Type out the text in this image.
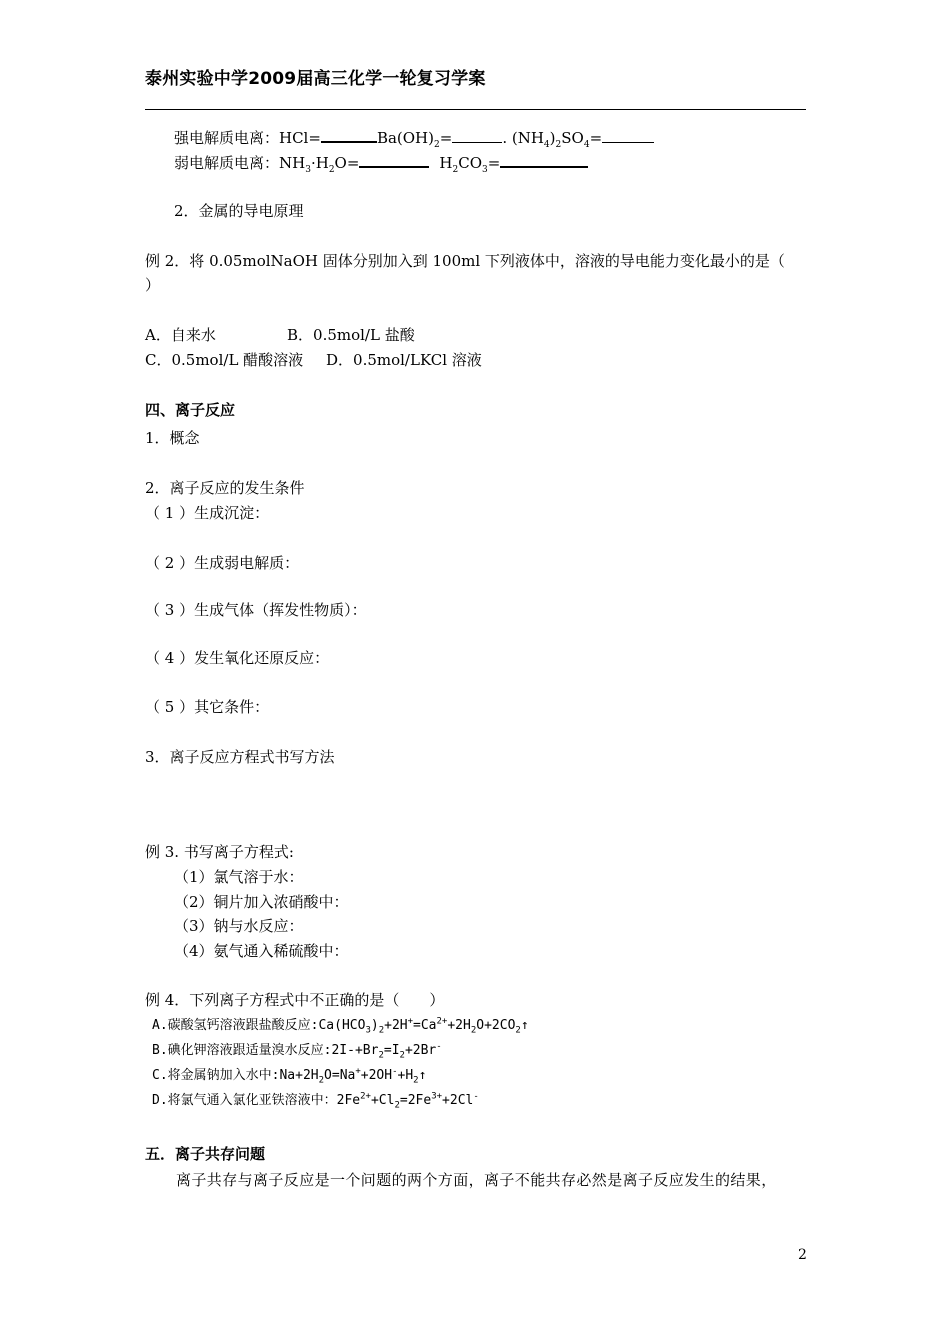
泰州实验中学2009届高三化学一轮复习学案
强电解质电离：HCl=	$Ba(OH)_2=$	. $(NH_4)_2SO_4=$
弱电解质电离：$NH_3\cdot H_2O=$	$H_2CO_3=$
2．金属的导电原理
例 2．将 0.05molNaOH 固体分别加入到 100ml 下列液体中，溶液的导电能力变化最小的是（
）
A．自来水	B．0.5mol/L 盐酸
C．0.5mol/L 醋酸溶液 D．0.5mol/LKCl 溶液
四、离子反应
1．概念
2．离子反应的发生条件
（ 1 ）生成沉淀：
（ 2 ）生成弱电解质：
（ 3 ）生成气体（挥发性物质）：
（ 4 ）发生氧化还原反应：
（ 5 ）其它条件：
3．离子反应方程式书写方法
例 3. 书写离子方程式:
（1）氯气溶于水：
（2）铜片加入浓硝酸中：
（3）钠与水反应：
（4）氨气通入稀硫酸中：
例 4．下列离子方程式中不正确的是（　　）
A.碳酸氢钙溶液跟盐酸反应$:Ca(HCO_3)_2+2H^+=Ca^{2+}+2H_2O+2CO_2↑$
B.碘化钾溶液跟适量溴水反应$:2I-+Br_2=I_2+2Br^-$
C.将金属钠加入水中$:Na+2H_2O=Na^++2OH^-+H_2↑$
D.将氯气通入氯化亚铁溶液中：$2Fe^{2+}+Cl_2=2Fe^{3+}+2Cl^-$
五．离子共存问题
离子共存与离子反应是一个问题的两个方面，离子不能共存必然是离子反应发生的结果，
2
